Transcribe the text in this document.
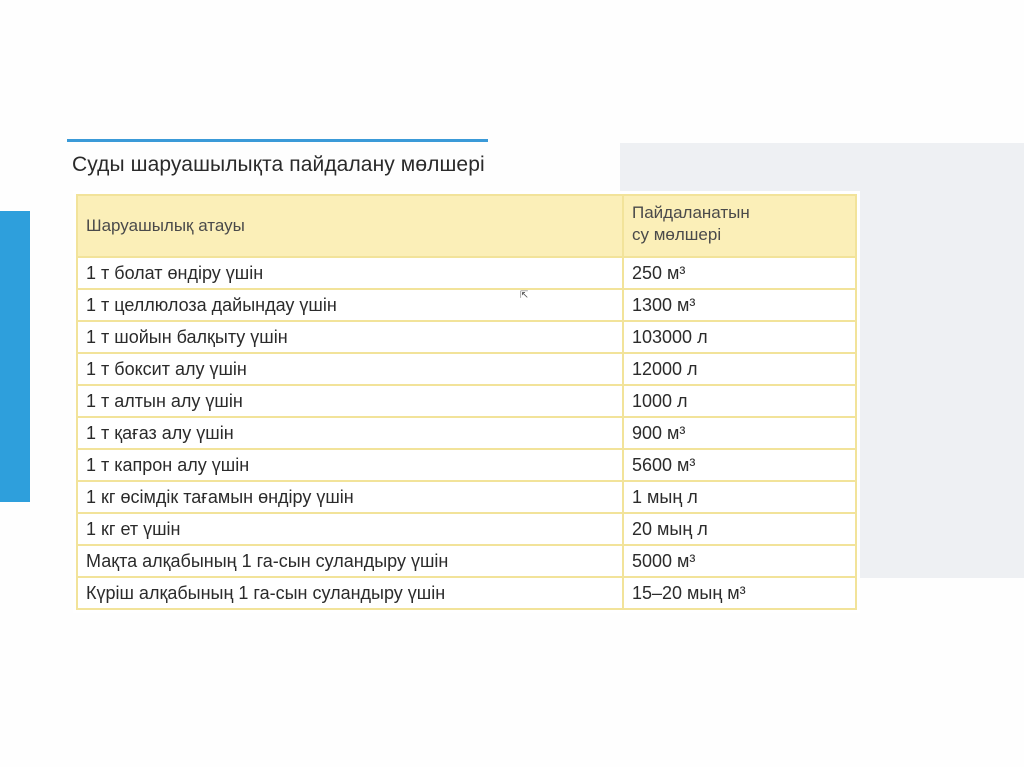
Суды шаруашылықта пайдалану мөлшері
Шаруашылық атауы	Пайдаланатын су мөлшері

1 т болат өндіру үшін	250 м³
1 т целлюлоза дайындау үшін	1300 м³
1 т шойын балқыту үшін	103000 л
1 т боксит алу үшін	12000 л
1 т алтын алу үшін	1000 л
1 т қағаз алу үшін	900 м³
1 т капрон алу үшін	5600 м³
1 кг өсімдік тағамын өндіру үшін	1 мың л
1 кг ет үшін	20 мың л
Мақта алқабының 1 га-сын суландыру үшін	5000 м³
Күріш алқабының 1 га-сын суландыру үшін	15–20 мың м³
⇱
